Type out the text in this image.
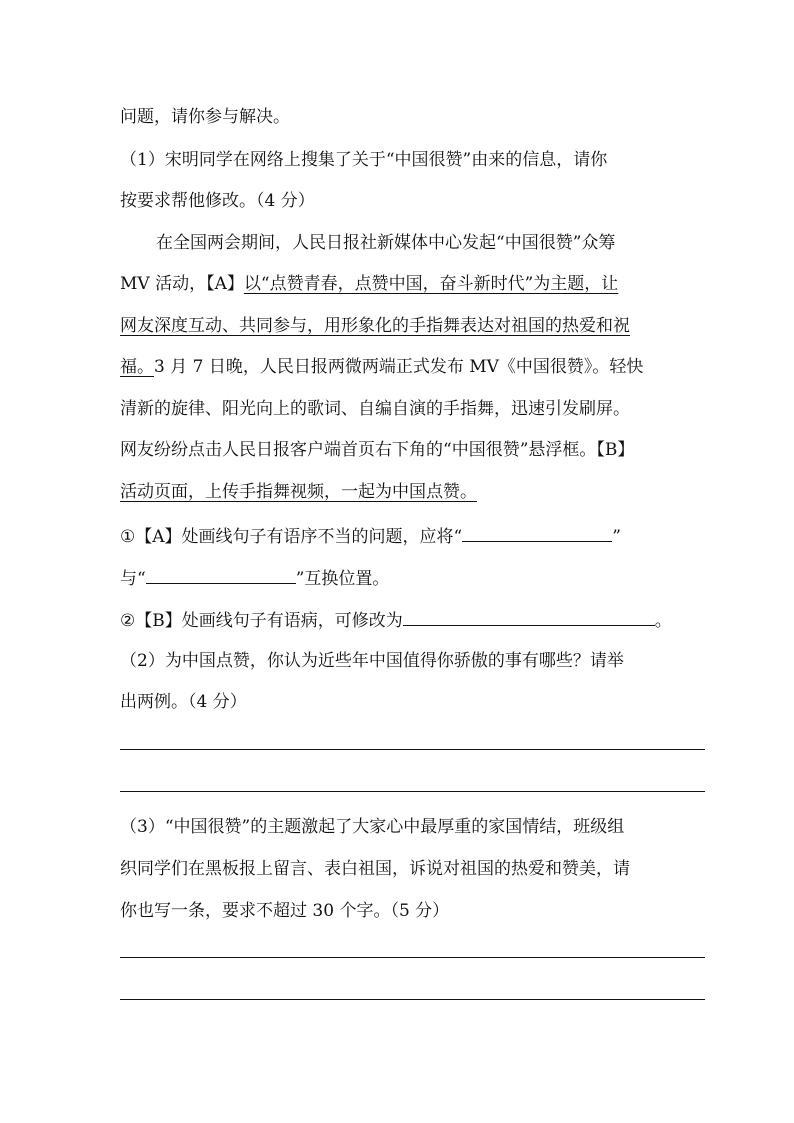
问题，请你参与解决。
（1）宋明同学在网络上搜集了关于“中国很赞”由来的信息，请你
按要求帮他修改。（4 分）
在全国两会期间，人民日报社新媒体中心发起“中国很赞”众筹
MV 活动，【A】以“点赞青春，点赞中国，奋斗新时代”为主题，让
网友深度互动、共同参与，用形象化的手指舞表达对祖国的热爱和祝
福。3 月 7 日晚，人民日报两微两端正式发布 MV《中国很赞》。轻快
清新的旋律、阳光向上的歌词、自编自演的手指舞，迅速引发刷屏。
网友纷纷点击人民日报客户端首页右下角的“中国很赞”悬浮框。【B】
活动页面，上传手指舞视频，一起为中国点赞。
①【A】处画线句子有语序不当的问题，应将“	”
与“	”互换位置。
②【B】处画线句子有语病，可修改为	。
（2）为中国点赞，你认为近些年中国值得你骄傲的事有哪些？请举
出两例。（4 分）
（3）“中国很赞”的主题激起了大家心中最厚重的家国情结，班级组
织同学们在黑板报上留言、表白祖国，诉说对祖国的热爱和赞美，请
你也写一条，要求不超过 30 个字。（5 分）
